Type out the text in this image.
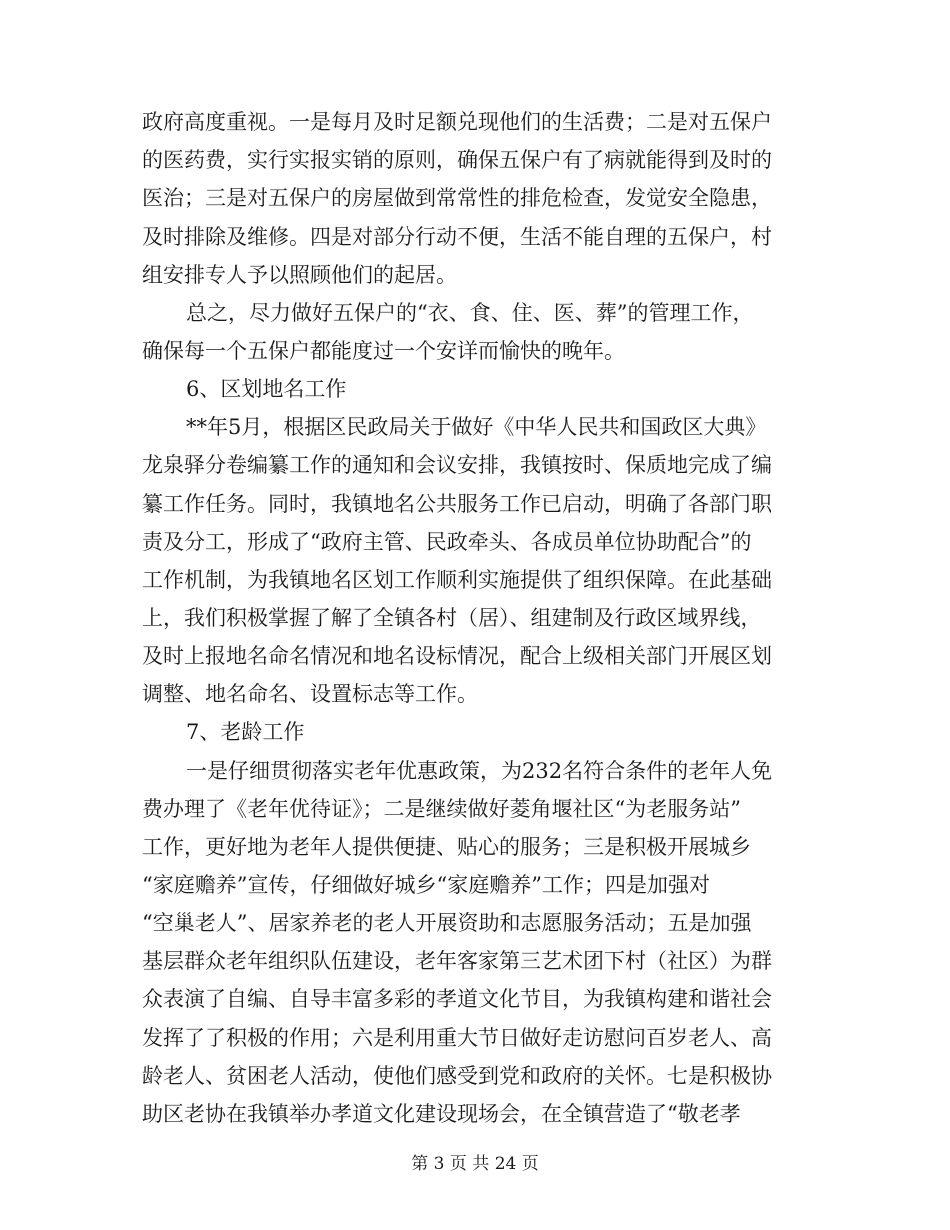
政府高度重视。一是每月及时足额兑现他们的生活费；二是对五保户
的医药费，实行实报实销的原则，确保五保户有了病就能得到及时的
医治；三是对五保户的房屋做到常常性的排危检查，发觉安全隐患，
及时排除及维修。四是对部分行动不便，生活不能自理的五保户，村
组安排专人予以照顾他们的起居。
总之，尽力做好五保户的“衣、食、住、医、葬”的管理工作，
确保每一个五保户都能度过一个安详而愉快的晚年。
6、区划地名工作
**年5月，根据区民政局关于做好《中华人民共和国政区大典》
龙泉驿分卷编纂工作的通知和会议安排，我镇按时、保质地完成了编
纂工作任务。同时，我镇地名公共服务工作已启动，明确了各部门职
责及分工，形成了“政府主管、民政牵头、各成员单位协助配合”的
工作机制，为我镇地名区划工作顺利实施提供了组织保障。在此基础
上，我们积极掌握了解了全镇各村（居）、组建制及行政区域界线，
及时上报地名命名情况和地名设标情况，配合上级相关部门开展区划
调整、地名命名、设置标志等工作。
7、老龄工作
一是仔细贯彻落实老年优惠政策，为232名符合条件的老年人免
费办理了《老年优待证》；二是继续做好菱角堰社区“为老服务站”
工作，更好地为老年人提供便捷、贴心的服务；三是积极开展城乡
“家庭赡养”宣传，仔细做好城乡“家庭赡养”工作；四是加强对
“空巢老人”、居家养老的老人开展资助和志愿服务活动；五是加强
基层群众老年组织队伍建设，老年客家第三艺术团下村（社区）为群
众表演了自编、自导丰富多彩的孝道文化节目，为我镇构建和谐社会
发挥了了积极的作用；六是利用重大节日做好走访慰问百岁老人、高
龄老人、贫困老人活动，使他们感受到党和政府的关怀。七是积极协
助区老协在我镇举办孝道文化建设现场会，在全镇营造了“敬老孝
第 3 页 共 24 页
